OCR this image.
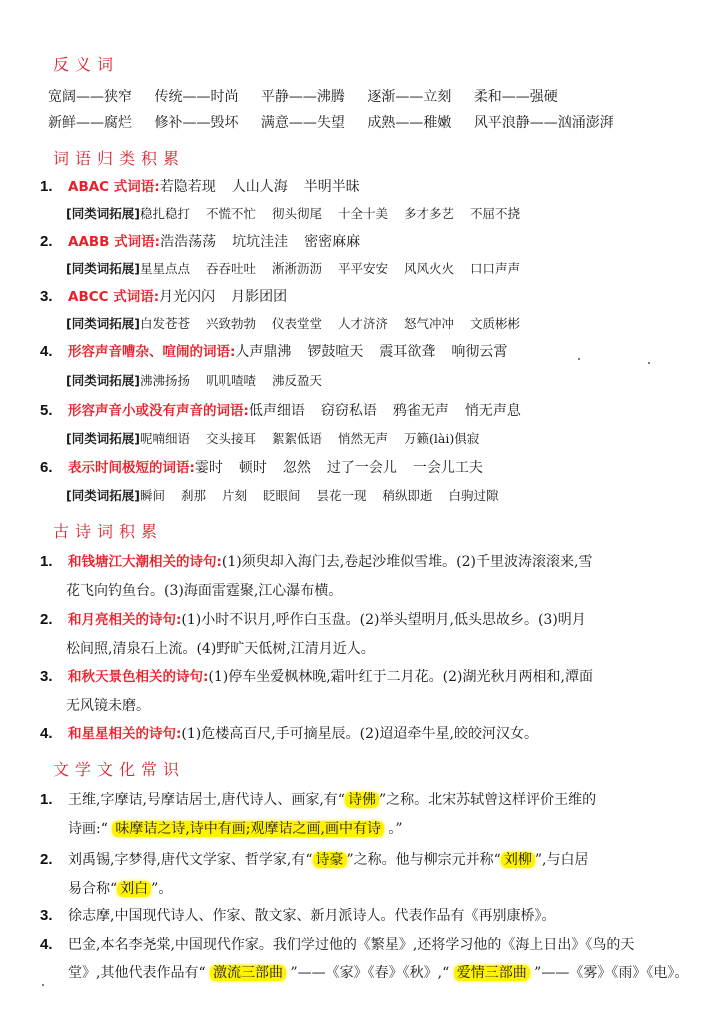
反义词
宽阔——狭窄 传统——时尚 平静——沸腾 逐渐——立刻 柔和——强硬
新鲜——腐烂 修补——毁坏 满意——失望 成熟——稚嫩 风平浪静——汹涌澎湃
词语归类积累
1. ABAC 式词语:若隐若现 人山人海 半明半昧
[同类词拓展]稳扎稳打 不慌不忙 彻头彻尾 十全十美 多才多艺 不屈不挠
2. AABB 式词语:浩浩荡荡 坑坑洼洼 密密麻麻
[同类词拓展]星星点点 吞吞吐吐 淅淅沥沥 平平安安 风风火火 口口声声
3. ABCC 式词语:月光闪闪 月影团团
[同类词拓展]白发苍苍 兴致勃勃 仪表堂堂 人才济济 怒气冲冲 文质彬彬
4. 形容声音嘈杂、喧闹的词语:人声鼎沸 锣鼓喧天 震耳欲聋 响彻云霄
[同类词拓展]沸沸扬扬 叽叽喳喳 沸反盈天
5. 形容声音小或没有声音的词语:低声细语 窃窃私语 鸦雀无声 悄无声息
[同类词拓展]呢喃细语 交头接耳 絮絮低语 悄然无声 万籁(lài)俱寂
6. 表示时间极短的词语:霎时 顿时 忽然 过了一会儿 一会儿工夫
[同类词拓展]瞬间 刹那 片刻 眨眼间 昙花一现 稍纵即逝 白驹过隙
古诗词积累
1. 和钱塘江大潮相关的诗句:(1)须臾却入海门去,卷起沙堆似雪堆。(2)千里波涛滚滚来,雪
花飞向钓鱼台。(3)海面雷霆聚,江心瀑布横。
2. 和月亮相关的诗句:(1)小时不识月,呼作白玉盘。(2)举头望明月,低头思故乡。(3)明月
松间照,清泉石上流。(4)野旷天低树,江清月近人。
3. 和秋天景色相关的诗句:(1)停车坐爱枫林晚,霜叶红于二月花。(2)湖光秋月两相和,潭面
无风镜未磨。
4. 和星星相关的诗句:(1)危楼高百尺,手可摘星辰。(2)迢迢牵牛星,皎皎河汉女。
文学文化常识
1. 王维,字摩诘,号摩诘居士,唐代诗人、画家,有“ 诗佛 ”之称。北宋苏轼曾这样评价王维的
诗画:“ 味摩诘之诗,诗中有画;观摩诘之画,画中有诗 。”
2. 刘禹锡,字梦得,唐代文学家、哲学家,有“ 诗豪 ”之称。他与柳宗元并称“ 刘柳 ”,与白居
易合称“ 刘白 ”。
3. 徐志摩,中国现代诗人、作家、散文家、新月派诗人。代表作品有《再别康桥》。
4. 巴金,本名李尧棠,中国现代作家。我们学过他的《繁星》,还将学习他的《海上日出》《鸟的天
堂》,其他代表作品有“ 激流三部曲 ”——《家》《春》《秋》,“ 爱情三部曲 ”——《雾》《雨》《电》。
